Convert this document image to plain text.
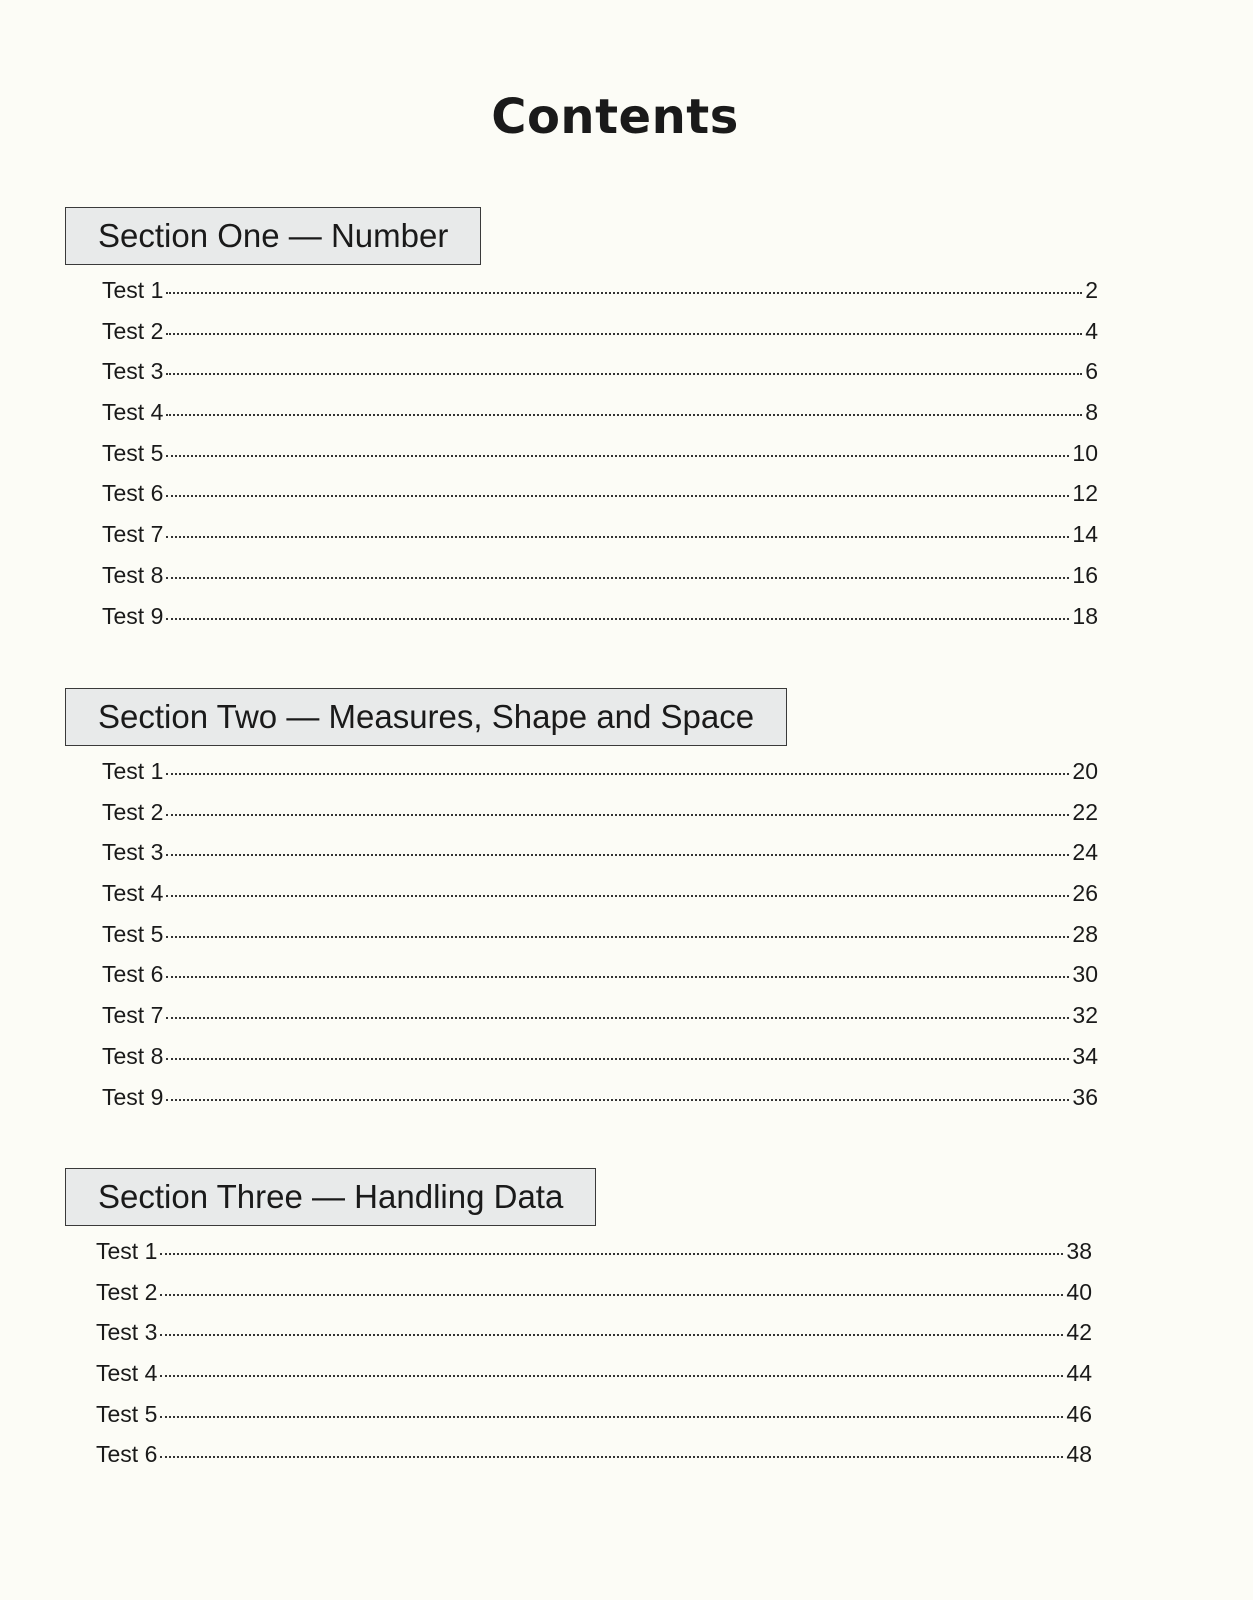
Contents
Section One — Number
Test 1	2
Test 2	4
Test 3	6
Test 4	8
Test 5	10
Test 6	12
Test 7	14
Test 8	16
Test 9	18
Section Two — Measures, Shape and Space
Test 1	20
Test 2	22
Test 3	24
Test 4	26
Test 5	28
Test 6	30
Test 7	32
Test 8	34
Test 9	36
Section Three — Handling Data
Test 1	38
Test 2	40
Test 3	42
Test 4	44
Test 5	46
Test 6	48
